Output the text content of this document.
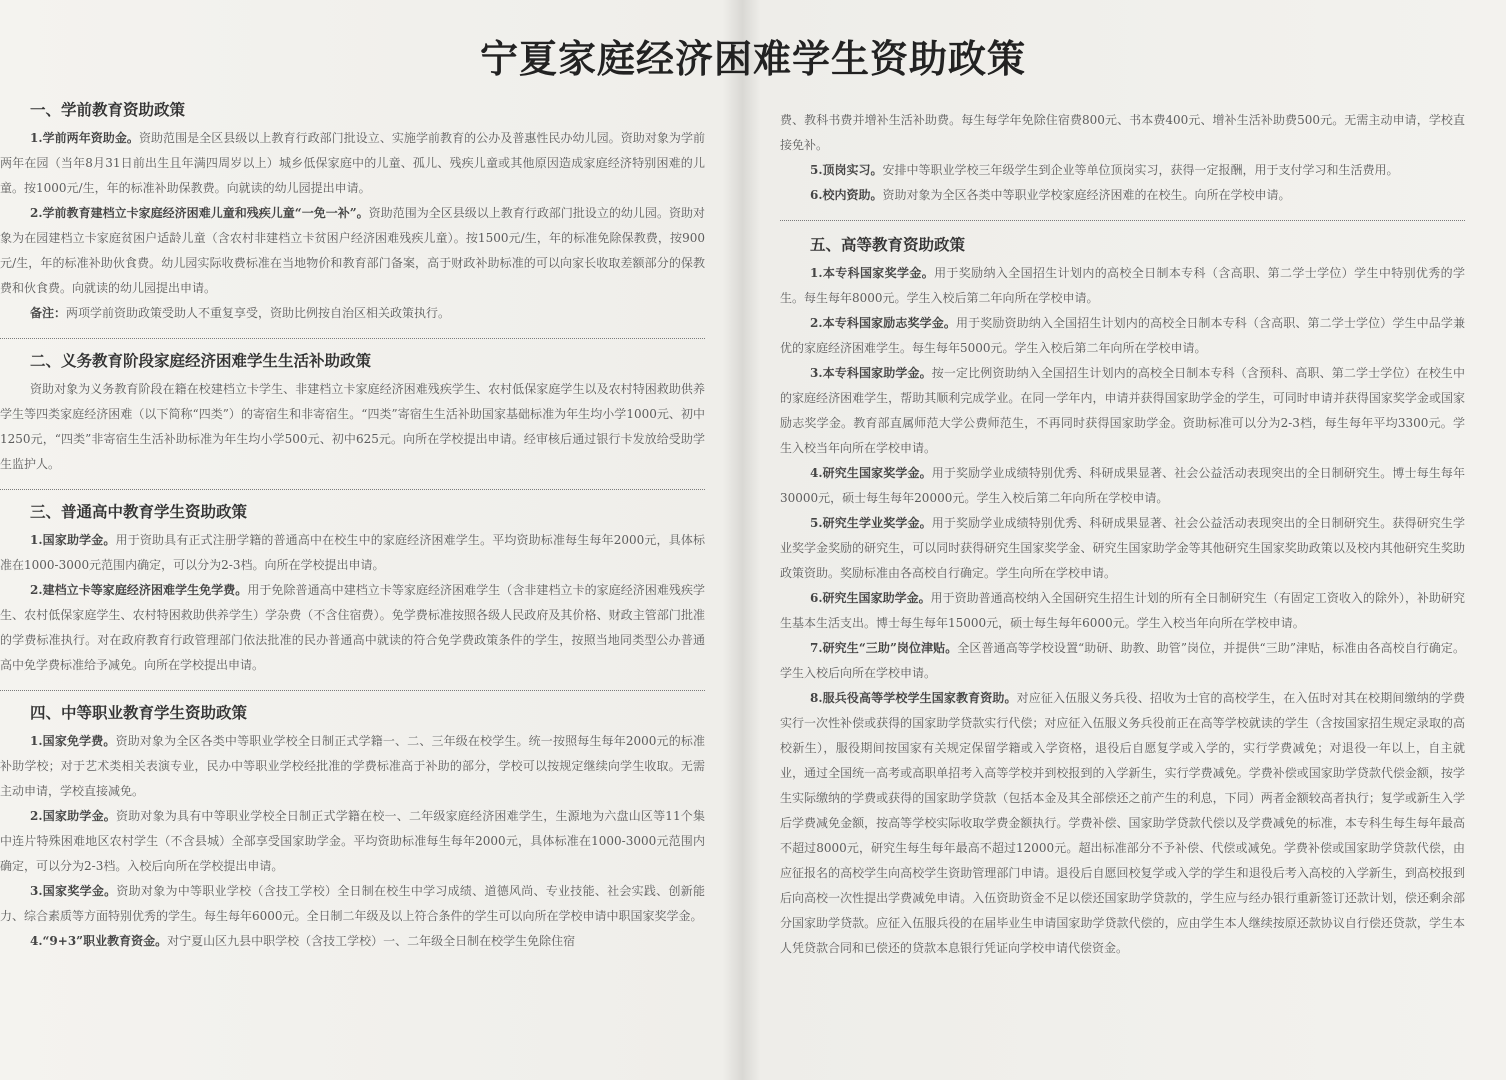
宁夏家庭经济困难学生资助政策
一、学前教育资助政策

1.学前两年资助金。资助范围是全区县级以上教育行政部门批设立、实施学前教育的公办及普惠性民办幼儿园。资助对象为学前两年在园（当年8月31日前出生且年满四周岁以上）城乡低保家庭中的儿童、孤儿、残疾儿童或其他原因造成家庭经济特别困难的儿童。按1000元/生，年的标准补助保教费。向就读的幼儿园提出申请。

2.学前教育建档立卡家庭经济困难儿童和残疾儿童“一免一补”。资助范围为全区县级以上教育行政部门批设立的幼儿园。资助对象为在园建档立卡家庭贫困户适龄儿童（含农村非建档立卡贫困户经济困难残疾儿童）。按1500元/生，年的标准免除保教费，按900元/生，年的标准补助伙食费。幼儿园实际收费标准在当地物价和教育部门备案，高于财政补助标准的可以向家长收取差额部分的保教费和伙食费。向就读的幼儿园提出申请。

备注：两项学前资助政策受助人不重复享受，资助比例按自治区相关政策执行。

二、义务教育阶段家庭经济困难学生生活补助政策

资助对象为义务教育阶段在籍在校建档立卡学生、非建档立卡家庭经济困难残疾学生、农村低保家庭学生以及农村特困救助供养学生等四类家庭经济困难（以下简称“四类”）的寄宿生和非寄宿生。“四类”寄宿生生活补助国家基础标准为年生均小学1000元、初中1250元，“四类”非寄宿生生活补助标准为年生均小学500元、初中625元。向所在学校提出申请。经审核后通过银行卡发放给受助学生监护人。

三、普通高中教育学生资助政策

1.国家助学金。用于资助具有正式注册学籍的普通高中在校生中的家庭经济困难学生。平均资助标准每生每年2000元，具体标准在1000-3000元范围内确定，可以分为2-3档。向所在学校提出申请。

2.建档立卡等家庭经济困难学生免学费。用于免除普通高中建档立卡等家庭经济困难学生（含非建档立卡的家庭经济困难残疾学生、农村低保家庭学生、农村特困救助供养学生）学杂费（不含住宿费）。免学费标准按照各级人民政府及其价格、财政主管部门批准的学费标准执行。对在政府教育行政管理部门依法批准的民办普通高中就读的符合免学费政策条件的学生，按照当地同类型公办普通高中免学费标准给予减免。向所在学校提出申请。

四、中等职业教育学生资助政策

1.国家免学费。资助对象为全区各类中等职业学校全日制正式学籍一、二、三年级在校学生。统一按照每生每年2000元的标准补助学校；对于艺术类相关表演专业，民办中等职业学校经批准的学费标准高于补助的部分，学校可以按规定继续向学生收取。无需主动申请，学校直接减免。

2.国家助学金。资助对象为具有中等职业学校全日制正式学籍在校一、二年级家庭经济困难学生，生源地为六盘山区等11个集中连片特殊困难地区农村学生（不含县城）全部享受国家助学金。平均资助标准每生每年2000元，具体标准在1000-3000元范围内确定，可以分为2-3档。入校后向所在学校提出申请。

3.国家奖学金。资助对象为中等职业学校（含技工学校）全日制在校生中学习成绩、道德风尚、专业技能、社会实践、创新能力、综合素质等方面特别优秀的学生。每生每年6000元。全日制二年级及以上符合条件的学生可以向所在学校申请中职国家奖学金。

4.“9+3”职业教育资金。对宁夏山区九县中职学校（含技工学校）一、二年级全日制在校学生免除住宿

费、教科书费并增补生活补助费。每生每学年免除住宿费800元、书本费400元、增补生活补助费500元。无需主动申请，学校直接免补。

5.顶岗实习。安排中等职业学校三年级学生到企业等单位顶岗实习，获得一定报酬，用于支付学习和生活费用。

6.校内资助。资助对象为全区各类中等职业学校家庭经济困难的在校生。向所在学校申请。

五、高等教育资助政策

1.本专科国家奖学金。用于奖励纳入全国招生计划内的高校全日制本专科（含高职、第二学士学位）学生中特别优秀的学生。每生每年8000元。学生入校后第二年向所在学校申请。

2.本专科国家励志奖学金。用于奖励资助纳入全国招生计划内的高校全日制本专科（含高职、第二学士学位）学生中品学兼优的家庭经济困难学生。每生每年5000元。学生入校后第二年向所在学校申请。

3.本专科国家助学金。按一定比例资助纳入全国招生计划内的高校全日制本专科（含预科、高职、第二学士学位）在校生中的家庭经济困难学生，帮助其顺利完成学业。在同一学年内，申请并获得国家助学金的学生，可同时申请并获得国家奖学金或国家励志奖学金。教育部直属师范大学公费师范生，不再同时获得国家助学金。资助标准可以分为2-3档，每生每年平均3300元。学生入校当年向所在学校申请。

4.研究生国家奖学金。用于奖励学业成绩特别优秀、科研成果显著、社会公益活动表现突出的全日制研究生。博士每生每年30000元，硕士每生每年20000元。学生入校后第二年向所在学校申请。

5.研究生学业奖学金。用于奖励学业成绩特别优秀、科研成果显著、社会公益活动表现突出的全日制研究生。获得研究生学业奖学金奖励的研究生，可以同时获得研究生国家奖学金、研究生国家助学金等其他研究生国家奖助政策以及校内其他研究生奖助政策资助。奖励标准由各高校自行确定。学生向所在学校申请。

6.研究生国家助学金。用于资助普通高校纳入全国研究生招生计划的所有全日制研究生（有固定工资收入的除外），补助研究生基本生活支出。博士每生每年15000元，硕士每生每年6000元。学生入校当年向所在学校申请。

7.研究生“三助”岗位津贴。全区普通高等学校设置“助研、助教、助管”岗位，并提供“三助”津贴，标准由各高校自行确定。学生入校后向所在学校申请。

8.服兵役高等学校学生国家教育资助。对应征入伍服义务兵役、招收为士官的高校学生，在入伍时对其在校期间缴纳的学费实行一次性补偿或获得的国家助学贷款实行代偿；对应征入伍服义务兵役前正在高等学校就读的学生（含按国家招生规定录取的高校新生），服役期间按国家有关规定保留学籍或入学资格，退役后自愿复学或入学的，实行学费减免；对退役一年以上，自主就业，通过全国统一高考或高职单招考入高等学校并到校报到的入学新生，实行学费减免。学费补偿或国家助学贷款代偿金额，按学生实际缴纳的学费或获得的国家助学贷款（包括本金及其全部偿还之前产生的利息，下同）两者金额较高者执行；复学或新生入学后学费减免金额，按高等学校实际收取学费金额执行。学费补偿、国家助学贷款代偿以及学费减免的标准，本专科生每生每年最高不超过8000元，研究生每生每年最高不超过12000元。超出标准部分不予补偿、代偿或减免。学费补偿或国家助学贷款代偿，由应征报名的高校学生向高校学生资助管理部门申请。退役后自愿回校复学或入学的学生和退役后考入高校的入学新生，到高校报到后向高校一次性提出学费减免申请。入伍资助资金不足以偿还国家助学贷款的，学生应与经办银行重新签订还款计划，偿还剩余部分国家助学贷款。应征入伍服兵役的在届毕业生申请国家助学贷款代偿的，应由学生本人继续按原还款协议自行偿还贷款，学生本人凭贷款合同和已偿还的贷款本息银行凭证向学校申请代偿资金。
